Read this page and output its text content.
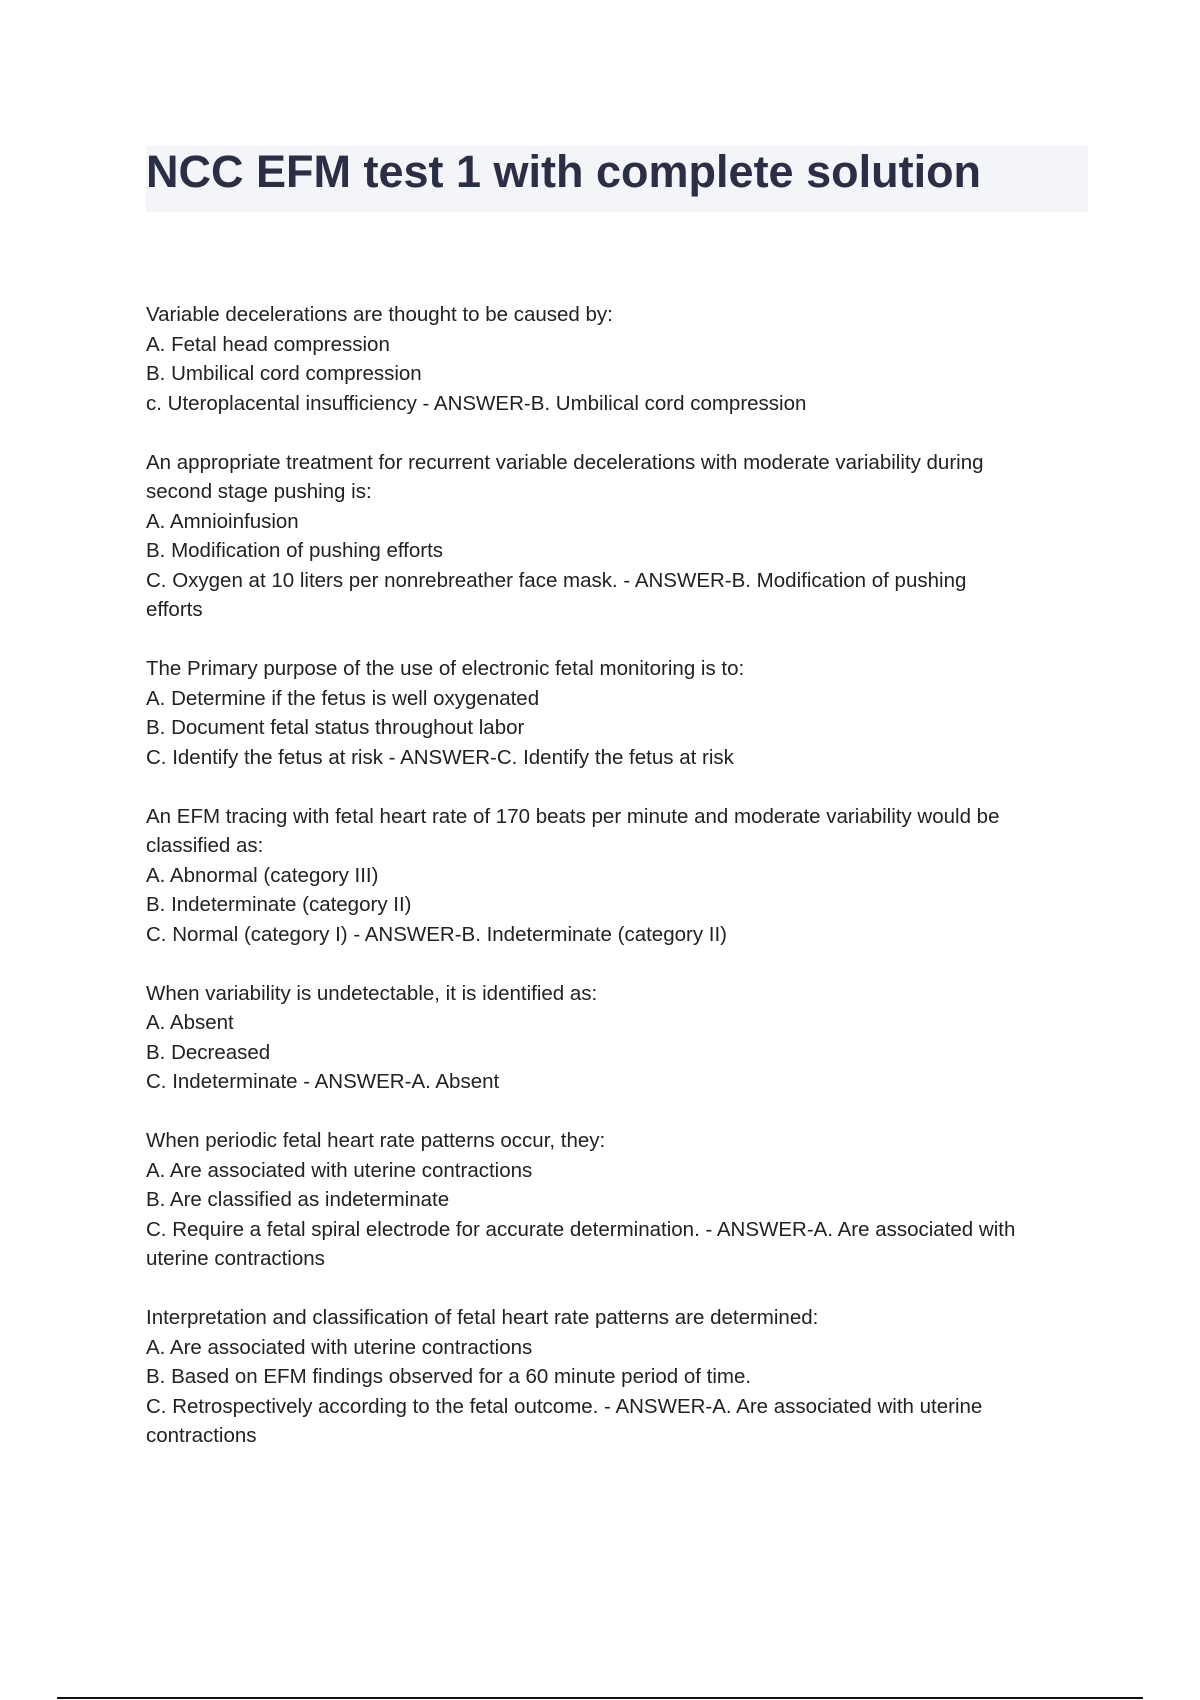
NCC EFM test 1 with complete solution
Variable decelerations are thought to be caused by:
A. Fetal head compression
B. Umbilical cord compression
c. Uteroplacental insufficiency - ANSWER-B. Umbilical cord compression
An appropriate treatment for recurrent variable decelerations with moderate variability during
second stage pushing is:
A. Amnioinfusion
B. Modification of pushing efforts
C. Oxygen at 10 liters per nonrebreather face mask. - ANSWER-B. Modification of pushing
efforts
The Primary purpose of the use of electronic fetal monitoring is to:
A. Determine if the fetus is well oxygenated
B. Document fetal status throughout labor
C. Identify the fetus at risk - ANSWER-C. Identify the fetus at risk
An EFM tracing with fetal heart rate of 170 beats per minute and moderate variability would be
classified as:
A. Abnormal (category III)
B. Indeterminate (category II)
C. Normal (category I) - ANSWER-B. Indeterminate (category II)
When variability is undetectable, it is identified as:
A. Absent
B. Decreased
C. Indeterminate - ANSWER-A. Absent
When periodic fetal heart rate patterns occur, they:
A. Are associated with uterine contractions
B. Are classified as indeterminate
C. Require a fetal spiral electrode for accurate determination. - ANSWER-A. Are associated with
uterine contractions
Interpretation and classification of fetal heart rate patterns are determined:
A. Are associated with uterine contractions
B. Based on EFM findings observed for a 60 minute period of time.
C. Retrospectively according to the fetal outcome. - ANSWER-A. Are associated with uterine
contractions
